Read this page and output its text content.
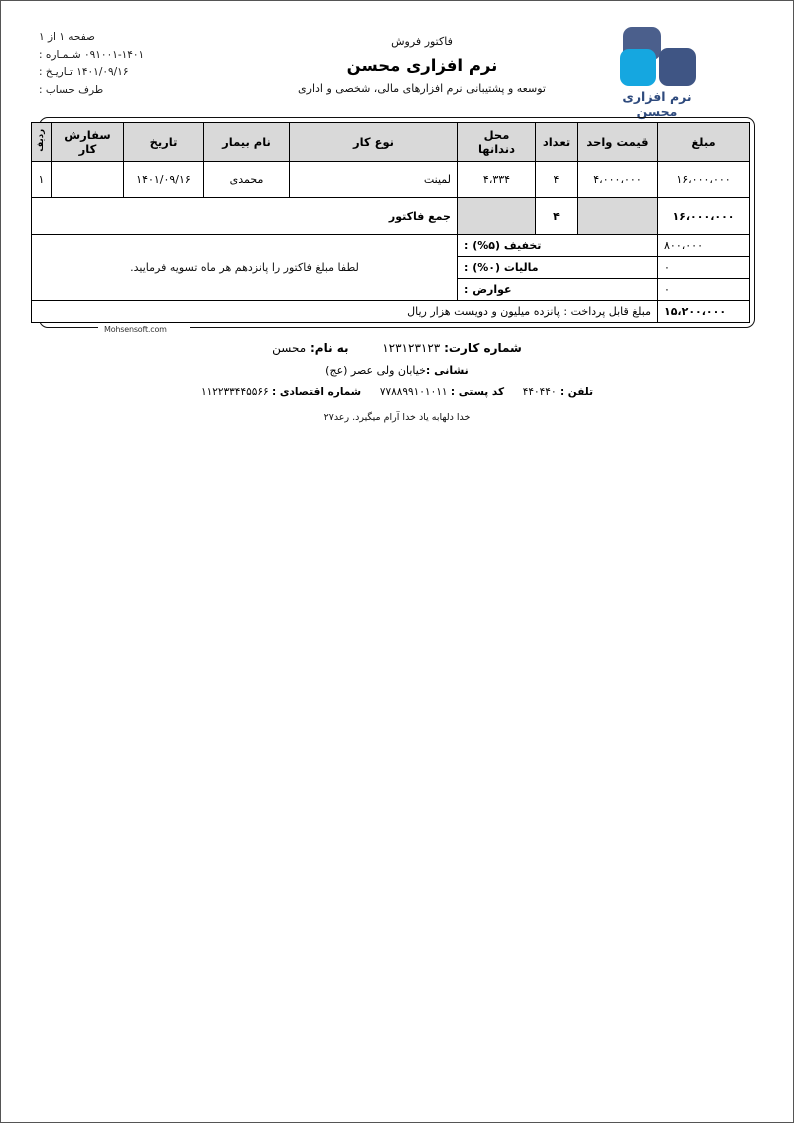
نرم افزاری محسن
فاکتور فروش
نرم افزاری محسن
توسعه و پشتیبانی نرم افزارهای مالی، شخصی و اداری
صفحه ۱ از ۱
۰۹۱۰۰۱-۱۴۰۱ شـمـاره :
۱۴۰۱/۰۹/۱۶ تـاریـخ :
طرف حساب :
مبلغ	قیمت واحد	تعداد	محل دندانها	نوع کار	نام بیمار	تاریخ	سفارش کار	ردیف
۱۶،۰۰۰،۰۰۰	۴،۰۰۰،۰۰۰	۴	۴،۳۳۴	لمینت	محمدی	۱۴۰۱/۰۹/۱۶		۱
۱۶،۰۰۰،۰۰۰		۴		جمع فاکتور				
۸۰۰،۰۰۰	تخفیف (۵%) :			لطفا مبلغ فاکتور را پانزدهم هر ماه تسویه فرمایید.				
۰	مالیات (۰%) :							
۰	عوارض :							
۱۵،۲۰۰،۰۰۰	مبلغ قابل پرداخت : پانزده میلیون و دویست هزار ریال							
Mohsensoft.com
شماره کارت: ۱۲۳۱۲۳۱۲۳  به نام: محسن
نشانی :خیابان ولی عصر (عج)
تلفن : ۴۴۰۴۴۰  کد پستی : ۷۷۸۸۹۹۱۰۱۰۱۱  شماره اقتصادی : ۱۱۲۲۳۳۴۴۵۵۶۶
خدا دلهابه یاد خدا آرام میگیرد. رعد۲۷
